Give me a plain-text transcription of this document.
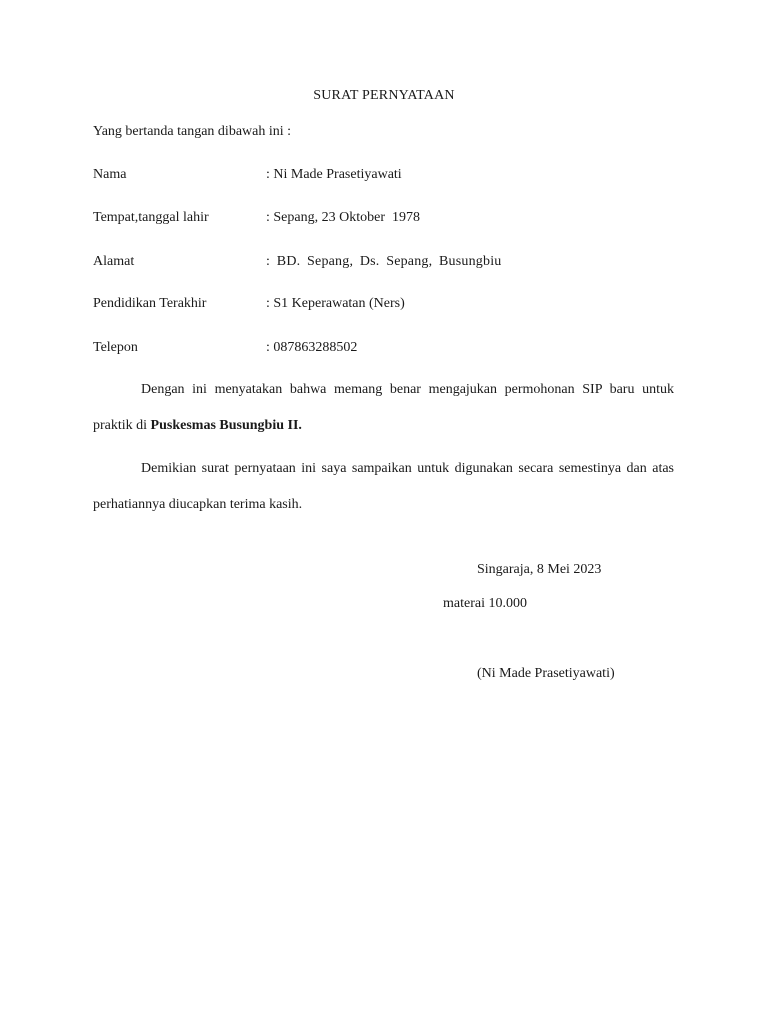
SURAT PERNYATAAN
Yang bertanda tangan dibawah ini :
Nama	: Ni Made Prasetiyawati
Tempat,tanggal lahir	: Sepang, 23 Oktober  1978
Alamat	: BD. Sepang, Ds. Sepang, Busungbiu
Pendidikan Terakhir	: S1 Keperawatan (Ners)
Telepon	: 087863288502
Dengan ini menyatakan bahwa memang benar mengajukan permohonan SIP baru untuk praktik di Puskesmas Busungbiu II.
Demikian surat pernyataan ini saya sampaikan untuk digunakan secara semestinya dan atas perhatiannya diucapkan terima kasih.
Singaraja, 8 Mei 2023
materai 10.000
(Ni Made Prasetiyawati)
